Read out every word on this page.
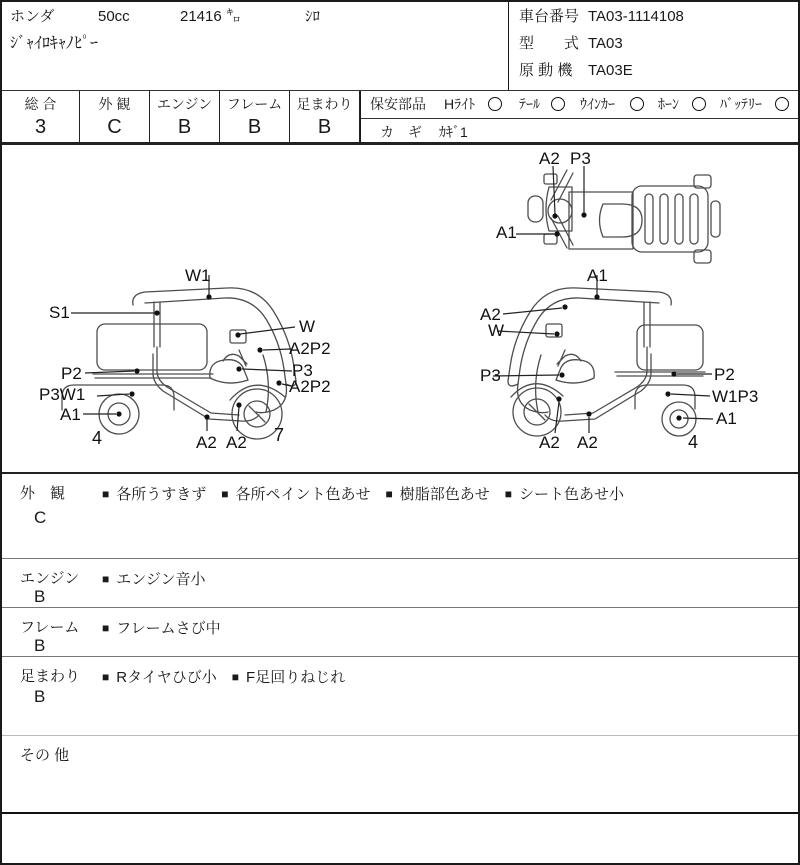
ホンダ	50cc	21416 ㌔	ｼﾛ
ｼﾞｬｲﾛｷｬﾉﾋﾟｰ
車台番号 TA03-1114108
型　　式 TA03
原 動 機 TA03E
総 合
3
外 観
C
エンジン
B
フレーム
B
足まわり
B
保安部品 Hﾗｲﾄ	ﾃｰﾙ	ｳｲﾝｶｰ	ﾎｰﾝ	ﾊﾞｯﾃﾘｰ
カ　ギ ｶｷﾞ1
A2 P3
A1
W1
S1
W
A2P2
P3
A2P2
P2
P3W1
A1
4	A2 A2 7
A1
A2
W
P3	P2
W1P3
A1
4
A2 A2
外　観
C
■ 各所うすきず ■ 各所ペイント色あせ ■ 樹脂部色あせ ■ シート色あせ小
エンジン
B
■ エンジン音小
フレーム
B
■ フレームさび中
足まわり
B
■ Rタイヤひび小 ■ F足回りねじれ
その 他
